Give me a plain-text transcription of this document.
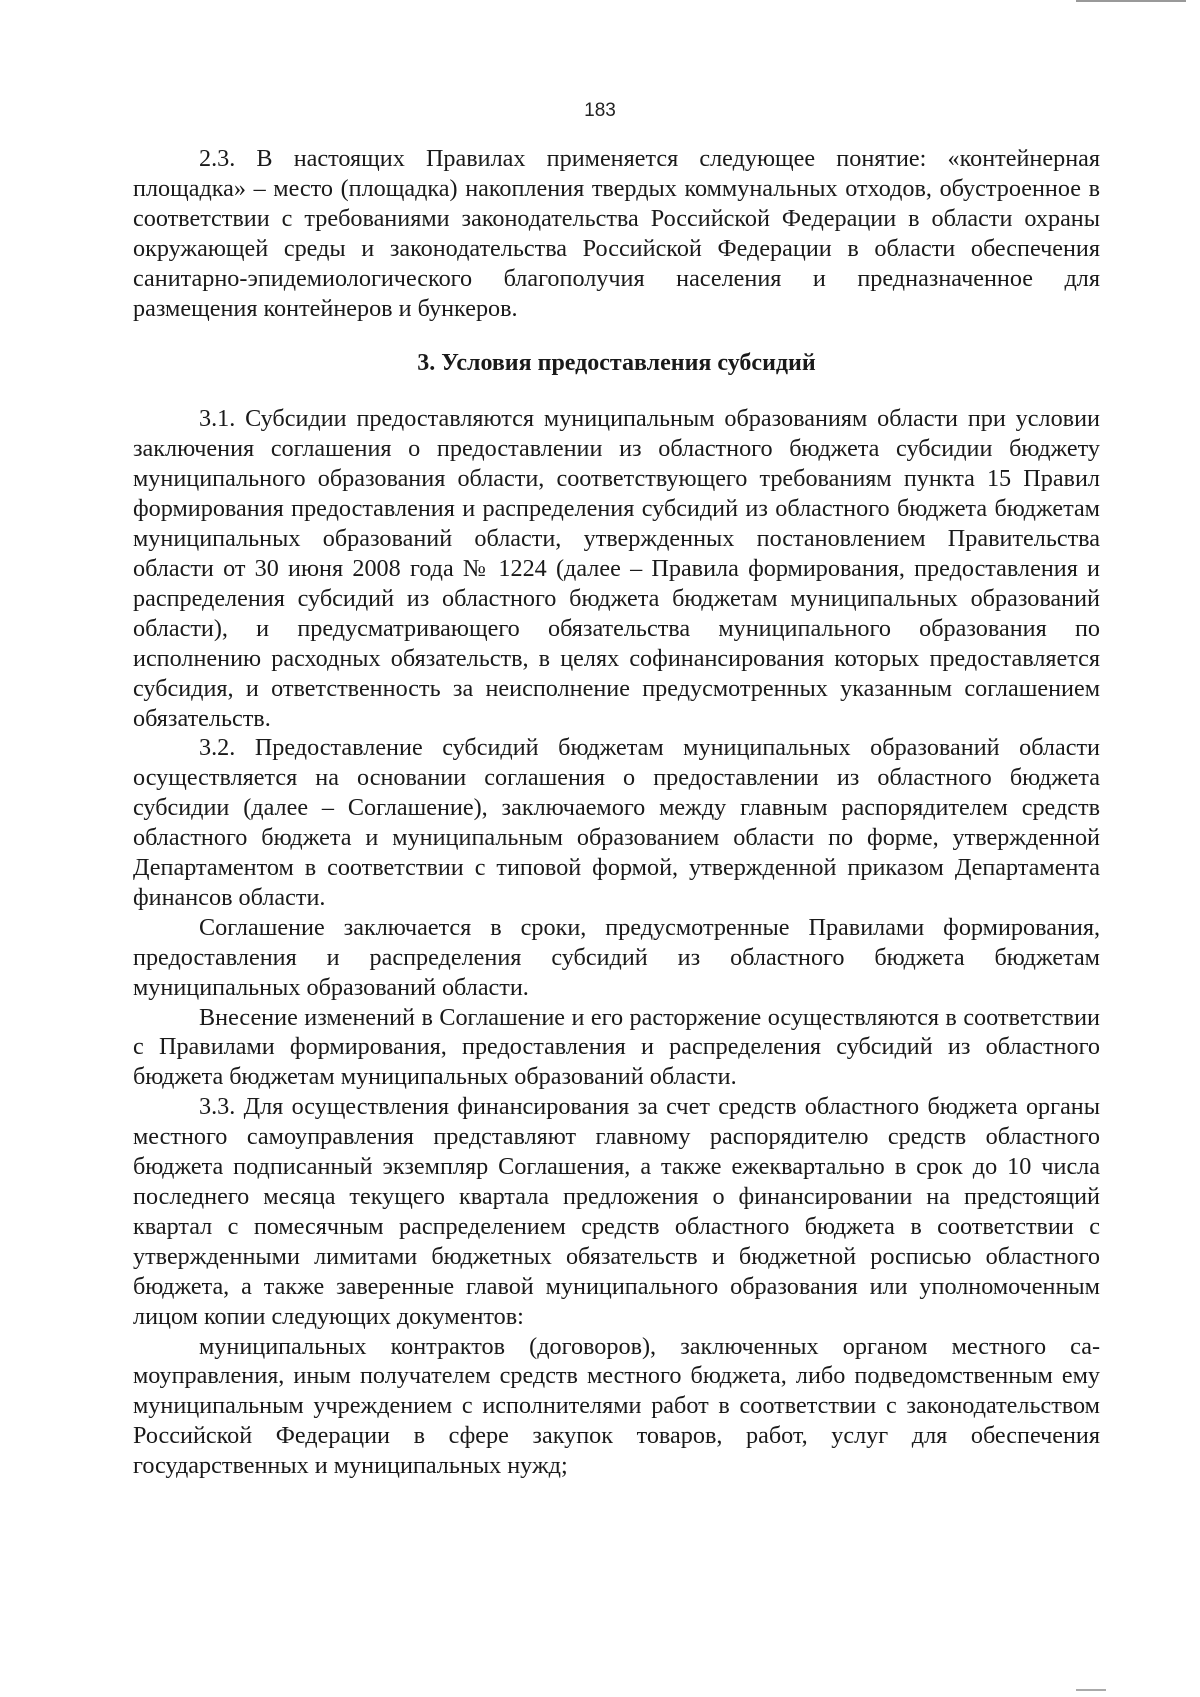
183

2.3. В настоящих Правилах применяется следующее понятие: «контейнерная площадка» – место (площадка) накопления твердых коммунальных отходов, обустроенное в соответствии с требованиями законодательства Российской Федерации в области охраны окружающей среды и законодательства Российской Федерации в области обеспечения санитарно-эпидемиологического благополучия населения и предназначенное для размещения контейнеров и бункеров.

3. Условия предоставления субсидий

3.1. Субсидии предоставляются муниципальным образованиям области при условии заключения соглашения о предоставлении из областного бюджета субсидии бюджету муниципального образования области, соответствующего требованиям пункта 15 Правил формирования предоставления и распределения субсидий из областного бюджета бюджетам муниципальных образований области, утвержденных постановлением Правительства области от 30 июня 2008 года № 1224 (далее – Правила формирования, предоставления и распределения субсидий из областного бюджета бюджетам муниципальных образований области), и предусматривающего обязательства муниципального образования по исполнению расходных обязательств, в целях софинансирования которых предоставляется субсидия, и ответственность за неисполнение предусмотренных указанным соглашением обязательств.

3.2. Предоставление субсидий бюджетам муниципальных образований области осуществляется на основании соглашения о предоставлении из областного бюджета субсидии (далее – Соглашение), заключаемого между главным распорядителем средств областного бюджета и муниципальным образованием области по форме, утвержденной Департаментом в соответствии с типовой формой, утвержденной приказом Департамента финансов области.

Соглашение заключается в сроки, предусмотренные Правилами формирования, предоставления и распределения субсидий из областного бюджета бюджетам муниципальных образований области.

Внесение изменений в Соглашение и его расторжение осуществляются в соответствии с Правилами формирования, предоставления и распределения субсидий из областного бюджета бюджетам муниципальных образований области.

3.3. Для осуществления финансирования за счет средств областного бюджета органы местного самоуправления представляют главному распорядителю средств областного бюджета подписанный экземпляр Соглашения, а также ежеквартально в срок до 10 числа последнего месяца текущего квартала предложения о финансировании на предстоящий квартал с помесячным распределением средств областного бюджета в соответствии с утвержденными лимитами бюджетных обязательств и бюджетной росписью областного бюджета, а также заверенные главой муниципального образования или уполномоченным лицом копии следующих документов:

муниципальных контрактов (договоров), заключенных органом местного самоуправления, иным получателем средств местного бюджета, либо подведомственным ему муниципальным учреждением с исполнителями работ в соответствии с законодательством Российской Федерации в сфере закупок товаров, работ, услуг для обеспечения государственных и муниципальных нужд;
